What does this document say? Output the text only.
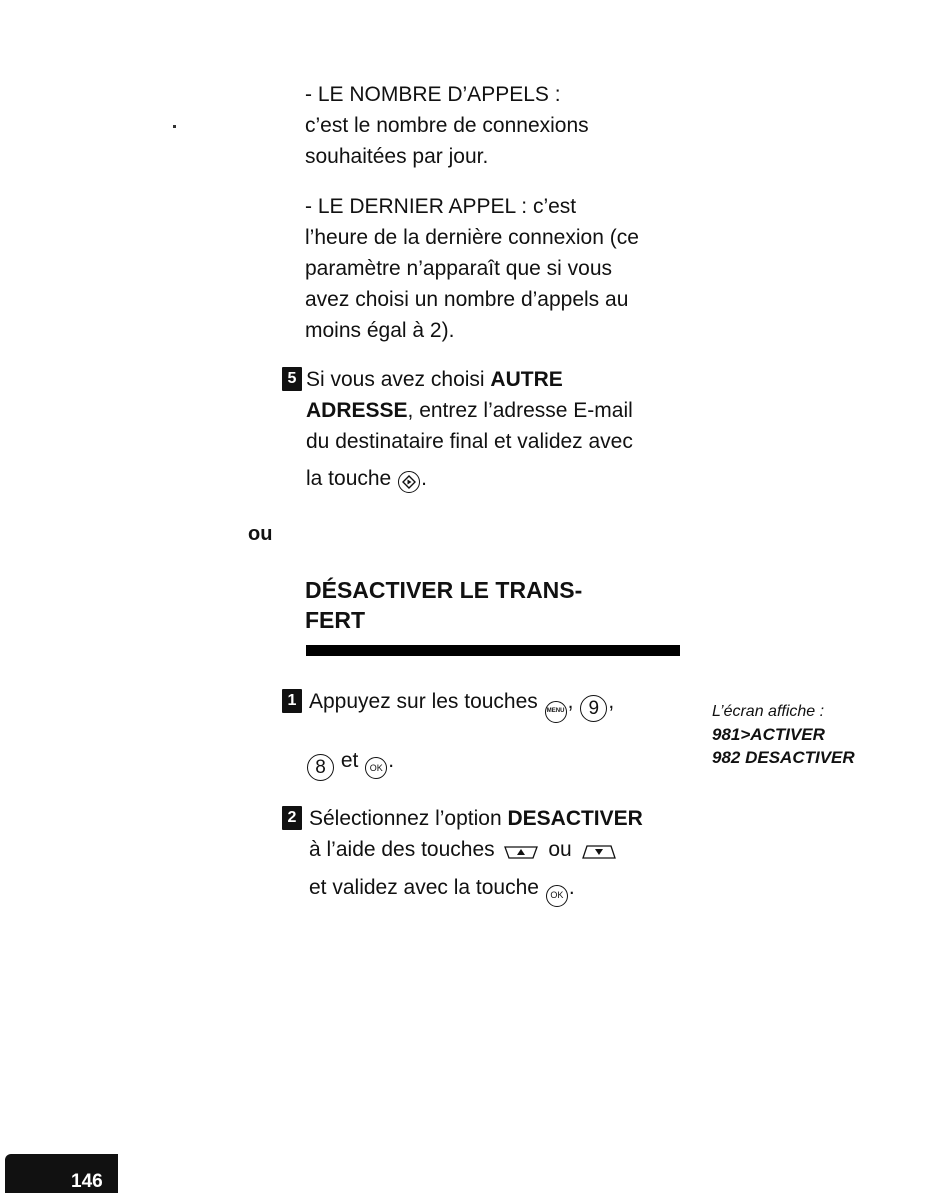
- LE NOMBRE D’APPELS :
c’est le nombre de connexions
souhaitées par jour.

- LE DERNIER APPEL : c’est
l’heure de la dernière connexion (ce
paramètre n’apparaît que si vous
avez choisi un nombre d’appels au
moins égal à 2).

5 Si vous avez choisi AUTRE
ADRESSE, entrez l’adresse E-mail
du destinataire final et validez avec
la touche .
ou
DÉSACTIVER LE TRANS-
FERT
1 Appuyez sur les touches MENU , 9 ,
8 et OK .
L’écran affiche :
981>ACTIVER
982 DESACTIVER
2 Sélectionnez l’option DESACTIVER
à l’aide des touches	ou
et validez avec la touche OK .
146
